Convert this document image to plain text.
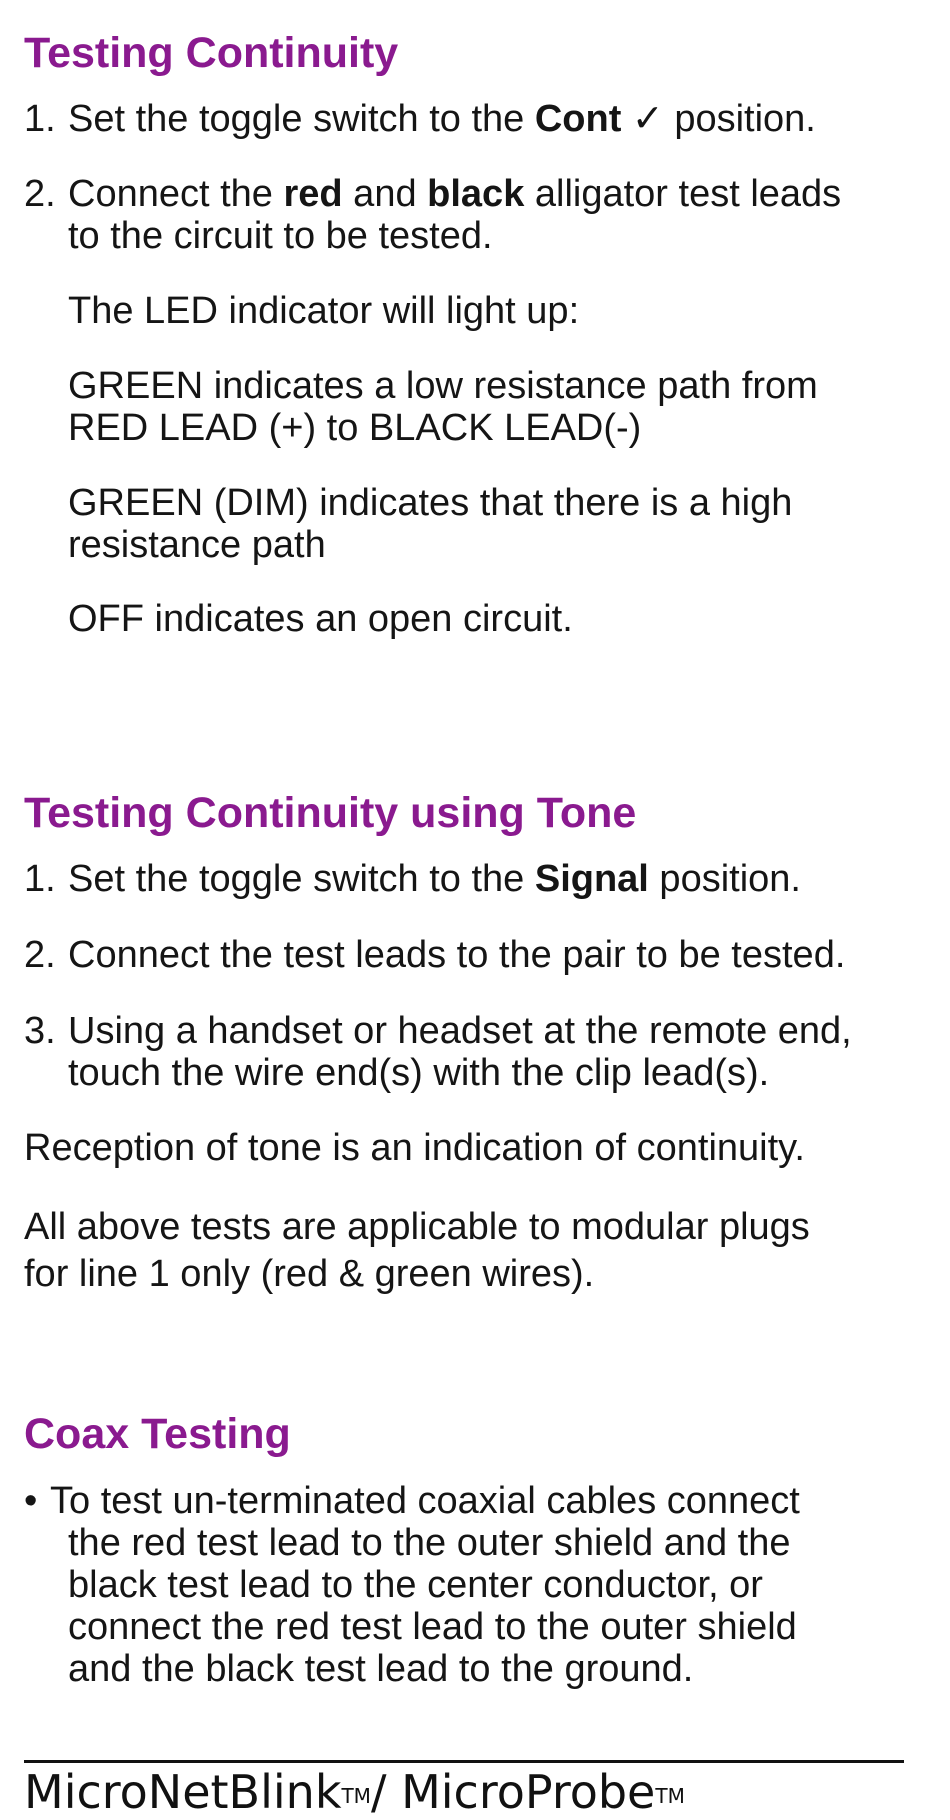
Testing Continuity
1. Set the toggle switch to the Cont ✓ position.

2. Connect the red and black alligator test leads

to the circuit to be tested.

The LED indicator will light up:

GREEN indicates a low resistance path from

RED LEAD (+) to BLACK LEAD(-)

GREEN (DIM) indicates that there is a high

resistance path

OFF indicates an open circuit.

Testing Continuity using Tone
1. Set the toggle switch to the Signal position.

2. Connect the test leads to the pair to be tested.

3. Using a handset or headset at the remote end,

touch the wire end(s) with the clip lead(s).

Reception of tone is an indication of continuity.

All above tests are applicable to modular plugs

for line 1 only (red & green wires).

Coax Testing
• To test un-terminated coaxial cables connect

the red test lead to the outer shield and the

black test lead to the center conductor, or

connect the red test lead to the outer shield

and the black test lead to the ground.

MicroNetBlink™/ MicroProbe™
